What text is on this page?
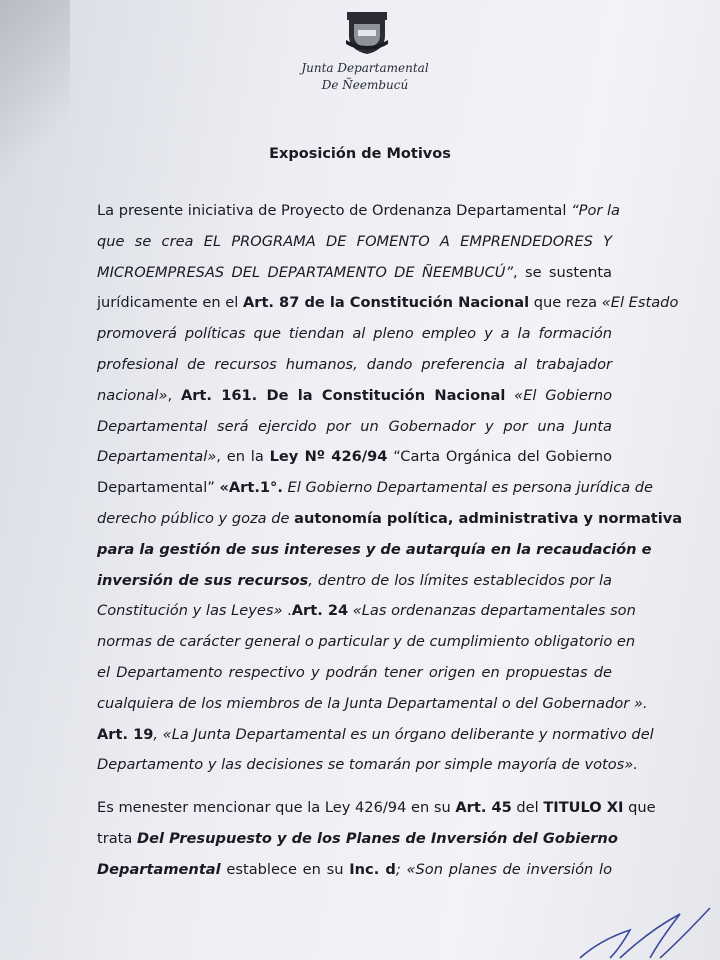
Junta Departamental
De Ñeembucú
Exposición de Motivos
La presente iniciativa de Proyecto de Ordenanza Departamental “Por la
que se crea EL PROGRAMA DE FOMENTO A EMPRENDEDORES Y
MICROEMPRESAS DEL DEPARTAMENTO DE ÑEEMBUCÚ”, se sustenta
jurídicamente en el Art. 87 de la Constitución Nacional que reza «El Estado
promoverá políticas que tiendan al pleno empleo y a la formación
profesional de recursos humanos, dando preferencia al trabajador
nacional», Art. 161. De la Constitución Nacional «El Gobierno
Departamental será ejercido por un Gobernador y por una Junta
Departamental», en la Ley Nº 426/94 “Carta Orgánica del Gobierno
Departamental” «Art.1°. El Gobierno Departamental es persona jurídica de
derecho público y goza de autonomía política, administrativa y normativa
para la gestión de sus intereses y de autarquía en la recaudación e
inversión de sus recursos, dentro de los límites establecidos por la
Constitución y las Leyes» .Art. 24 «Las ordenanzas departamentales son
normas de carácter general o particular y de cumplimiento obligatorio en
el Departamento respectivo y podrán tener origen en propuestas de
cualquiera de los miembros de la Junta Departamental o del Gobernador ».
Art. 19, «La Junta Departamental es un órgano deliberante y normativo del
Departamento y las decisiones se tomarán por simple mayoría de votos».
Es menester mencionar que la Ley 426/94 en su Art. 45 del TITULO XI que
trata Del Presupuesto y de los Planes de Inversión del Gobierno
Departamental establece en su Inc. d; «Son planes de inversión lo
